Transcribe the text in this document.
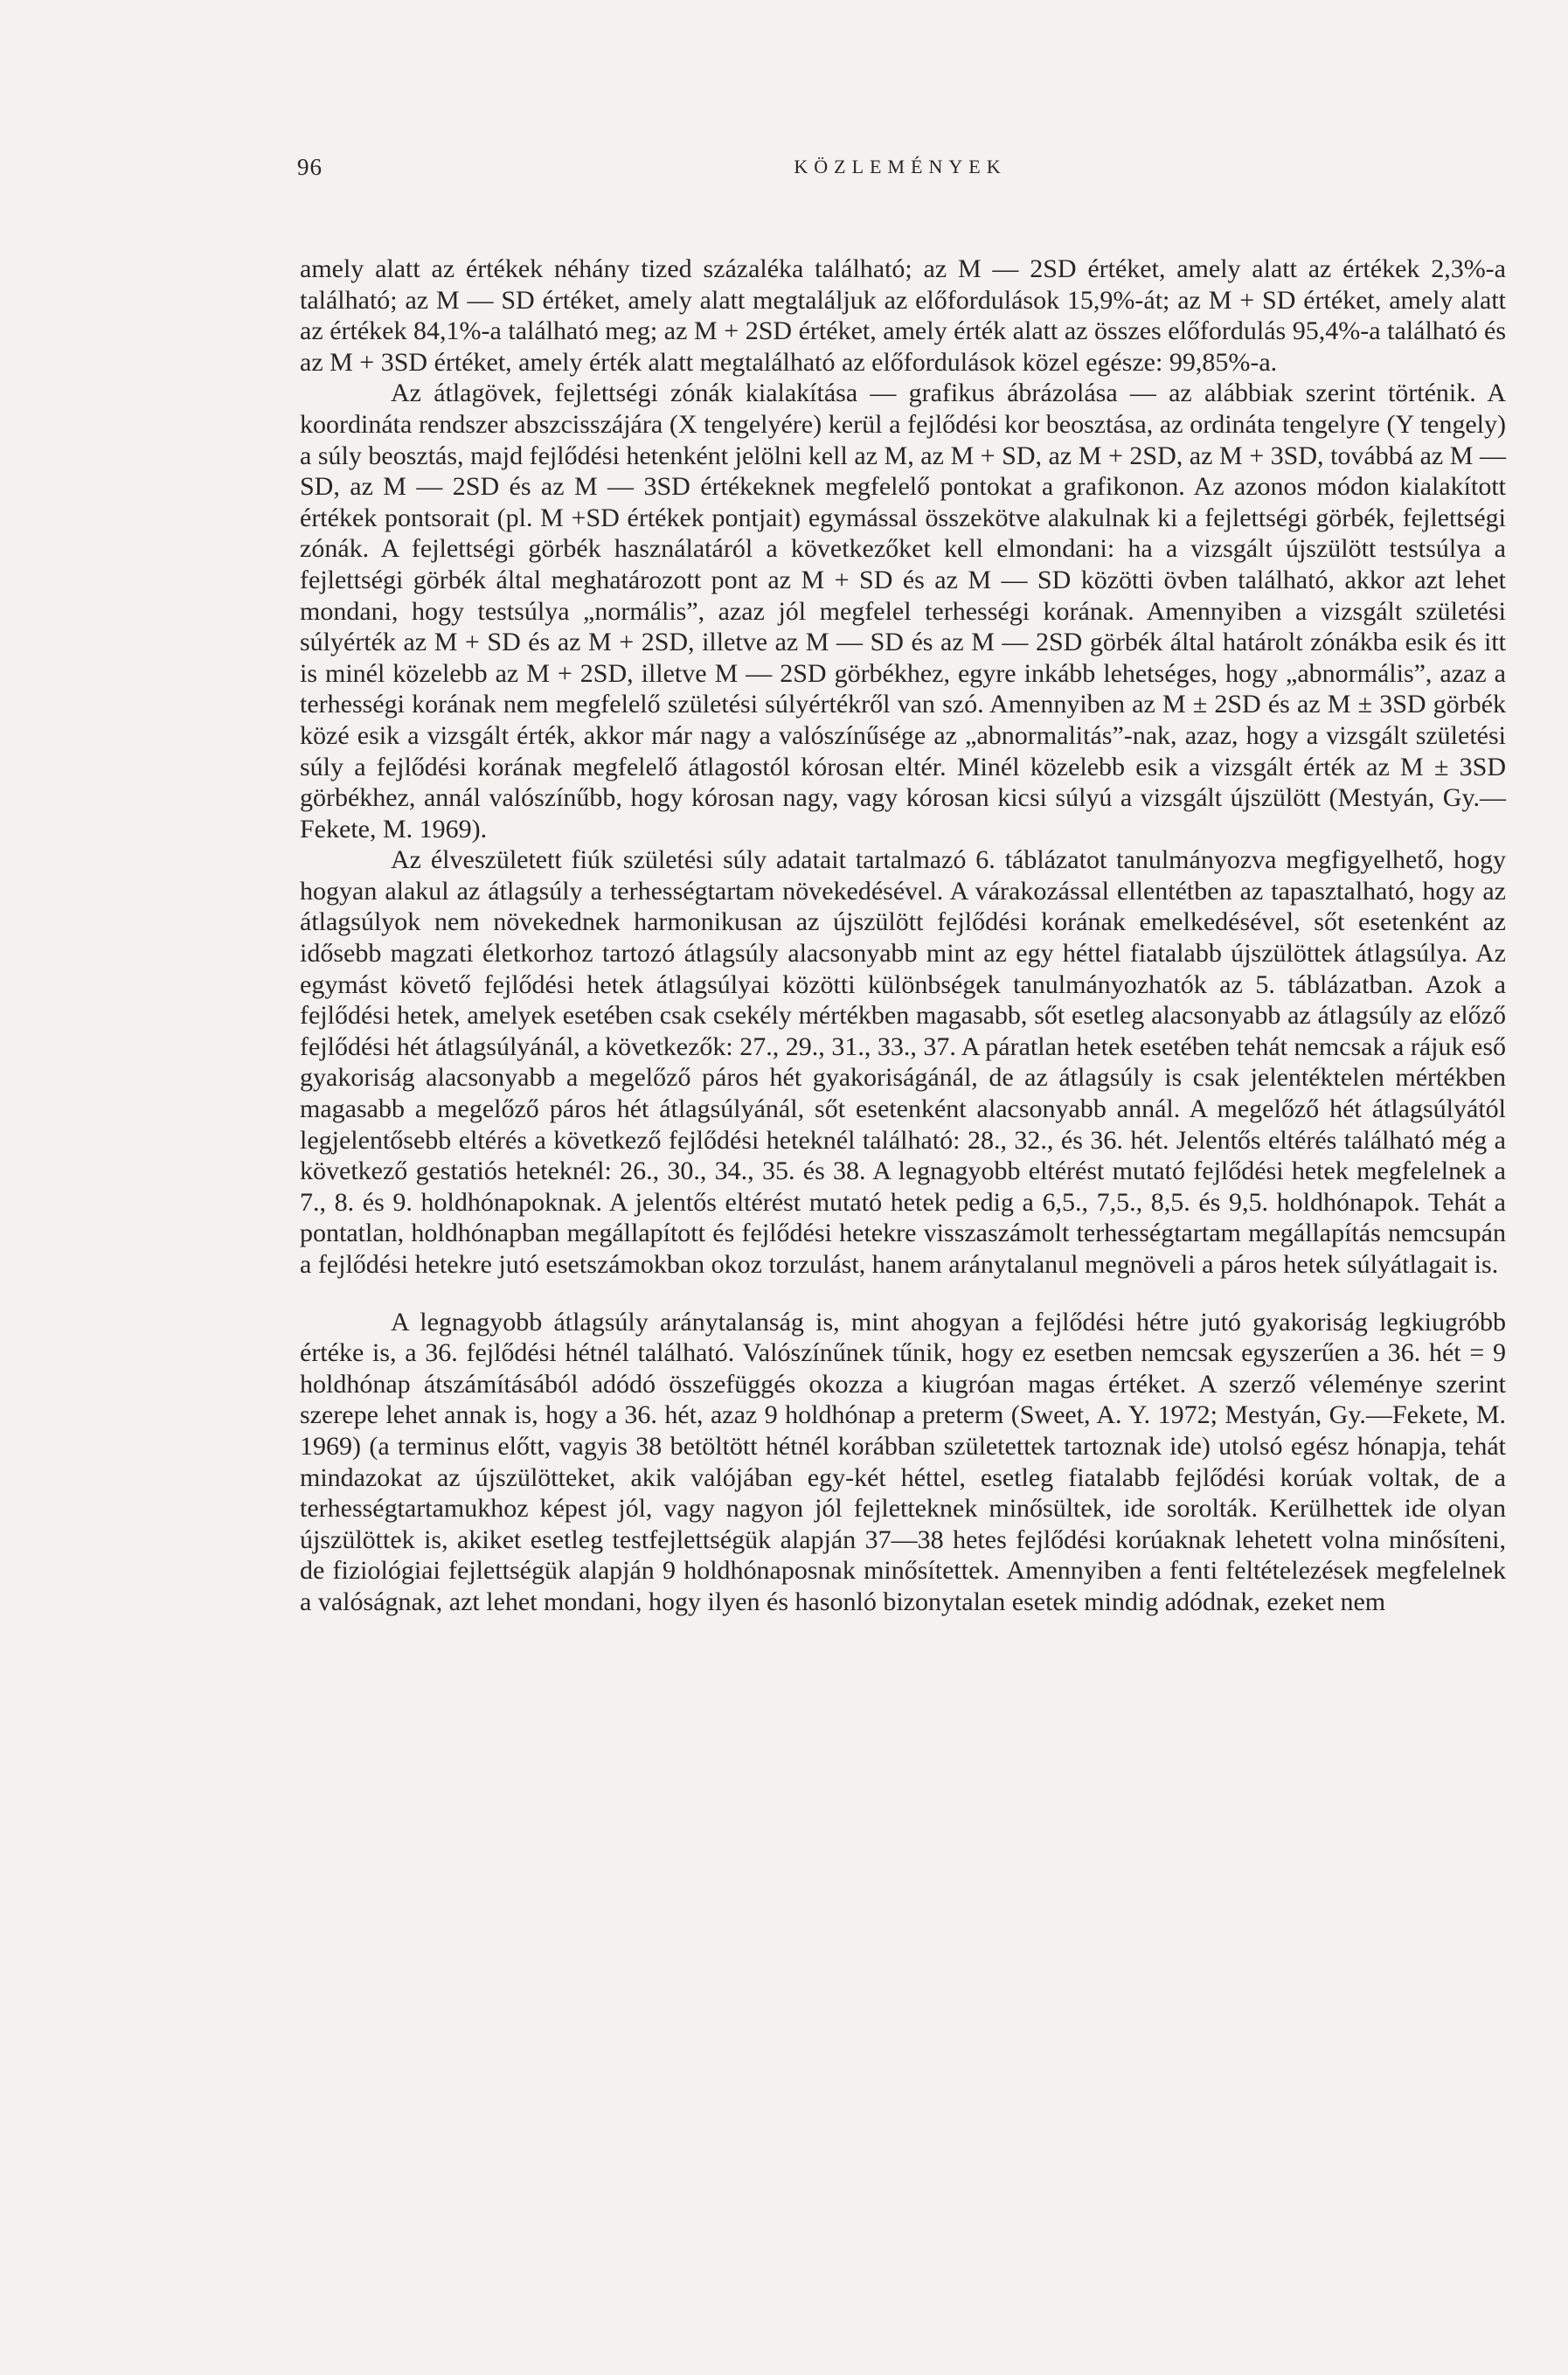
96	KÖZLEMÉNYEK

amely alatt az értékek néhány tized százaléka található; az M — 2SD értéket, amely alatt az értékek 2,3%-a található; az M — SD értéket, amely alatt megtaláljuk az előfordulások 15,9%-át; az M + SD értéket, amely alatt az értékek 84,1%-a található meg; az M + 2SD értéket, amely érték alatt az összes előfordulás 95,4%-a található és az M + 3SD értéket, amely érték alatt megtalálható az előfordulások közel egésze: 99,85%-a.

Az átlagövek, fejlettségi zónák kialakítása — grafikus ábrázolása — az alábbiak szerint történik. A koordináta rendszer abszcisszájára (X tengelyére) kerül a fejlődési kor beosztása, az ordináta tengelyre (Y tengely) a súly beosztás, majd fejlődési hetenként jelölni kell az M, az M + SD, az M + 2SD, az M + 3SD, továbbá az M — SD, az M — 2SD és az M — 3SD értékeknek megfelelő pontokat a grafikonon. Az azonos módon kialakított értékek pontsorait (pl. M +SD értékek pontjait) egymással összekötve alakulnak ki a fejlettségi görbék, fejlettségi zónák. A fejlettségi görbék használatáról a következőket kell elmondani: ha a vizsgált újszülött testsúlya a fejlettségi görbék által meghatározott pont az M + SD és az M — SD közötti övben található, akkor azt lehet mondani, hogy testsúlya „normális”, azaz jól megfelel terhességi korának. Amennyiben a vizsgált születési súlyérték az M + SD és az M + 2SD, illetve az M — SD és az M — 2SD görbék által határolt zónákba esik és itt is minél közelebb az M + 2SD, illetve M — 2SD görbékhez, egyre inkább lehetséges, hogy „abnormális”, azaz a terhességi korának nem megfelelő születési súlyértékről van szó. Amennyiben az M ± 2SD és az M ± 3SD görbék közé esik a vizsgált érték, akkor már nagy a valószínűsége az „abnormalitás”-nak, azaz, hogy a vizsgált születési súly a fejlődési korának megfelelő átlagostól kórosan eltér. Minél közelebb esik a vizsgált érték az M ± 3SD görbékhez, annál valószínűbb, hogy kórosan nagy, vagy kórosan kicsi súlyú a vizsgált újszülött (Mestyán, Gy.—Fekete, M. 1969).

Az élveszületett fiúk születési súly adatait tartalmazó 6. táblázatot tanulmányozva megfigyelhető, hogy hogyan alakul az átlagsúly a terhességtartam növekedésével. A várakozással ellentétben az tapasztalható, hogy az átlagsúlyok nem növekednek harmonikusan az újszülött fejlődési korának emelkedésével, sőt esetenként az idősebb magzati életkorhoz tartozó átlagsúly alacsonyabb mint az egy héttel fiatalabb újszülöttek átlagsúlya. Az egymást követő fejlődési hetek átlagsúlyai közötti különbségek tanulmányozhatók az 5. táblázatban. Azok a fejlődési hetek, amelyek esetében csak csekély mértékben magasabb, sőt esetleg alacsonyabb az átlagsúly az előző fejlődési hét átlagsúlyánál, a következők: 27., 29., 31., 33., 37. A páratlan hetek esetében tehát nemcsak a rájuk eső gyakoriság alacsonyabb a megelőző páros hét gyakoriságánál, de az átlagsúly is csak jelentéktelen mértékben magasabb a megelőző páros hét átlagsúlyánál, sőt esetenként alacsonyabb annál. A megelőző hét átlagsúlyától legjelentősebb eltérés a következő fejlődési heteknél található: 28., 32., és 36. hét. Jelentős eltérés található még a következő gestatiós heteknél: 26., 30., 34., 35. és 38. A legnagyobb eltérést mutató fejlődési hetek megfelelnek a 7., 8. és 9. holdhónapoknak. A jelentős eltérést mutató hetek pedig a 6,5., 7,5., 8,5. és 9,5. holdhónapok. Tehát a pontatlan, holdhónapban megállapított és fejlődési hetekre visszaszámolt terhességtartam megállapítás nemcsupán a fejlődési hetekre jutó esetszámokban okoz torzulást, hanem aránytalanul megnöveli a páros hetek súlyátlagait is.

A legnagyobb átlagsúly aránytalanság is, mint ahogyan a fejlődési hétre jutó gyakoriság legkiugróbb értéke is, a 36. fejlődési hétnél található. Valószínűnek tűnik, hogy ez esetben nemcsak egyszerűen a 36. hét = 9 holdhónap átszámításából adódó összefüggés okozza a kiugróan magas értéket. A szerző véleménye szerint szerepe lehet annak is, hogy a 36. hét, azaz 9 holdhónap a preterm (Sweet, A. Y. 1972; Mestyán, Gy.—Fekete, M. 1969) (a terminus előtt, vagyis 38 betöltött hétnél korábban születettek tartoznak ide) utolsó egész hónapja, tehát mindazokat az újszülötteket, akik valójában egy-két héttel, esetleg fiatalabb fejlődési korúak voltak, de a terhességtartamukhoz képest jól, vagy nagyon jól fejletteknek minősültek, ide sorolták. Kerülhettek ide olyan újszülöttek is, akiket esetleg testfejlettségük alapján 37—38 hetes fejlődési korúaknak lehetett volna minősíteni, de fiziológiai fejlettségük alapján 9 holdhónaposnak minősítettek. Amennyiben a fenti feltételezések megfelelnek a valóságnak, azt lehet mondani, hogy ilyen és hasonló bizonytalan esetek mindig adódnak, ezeket nem
